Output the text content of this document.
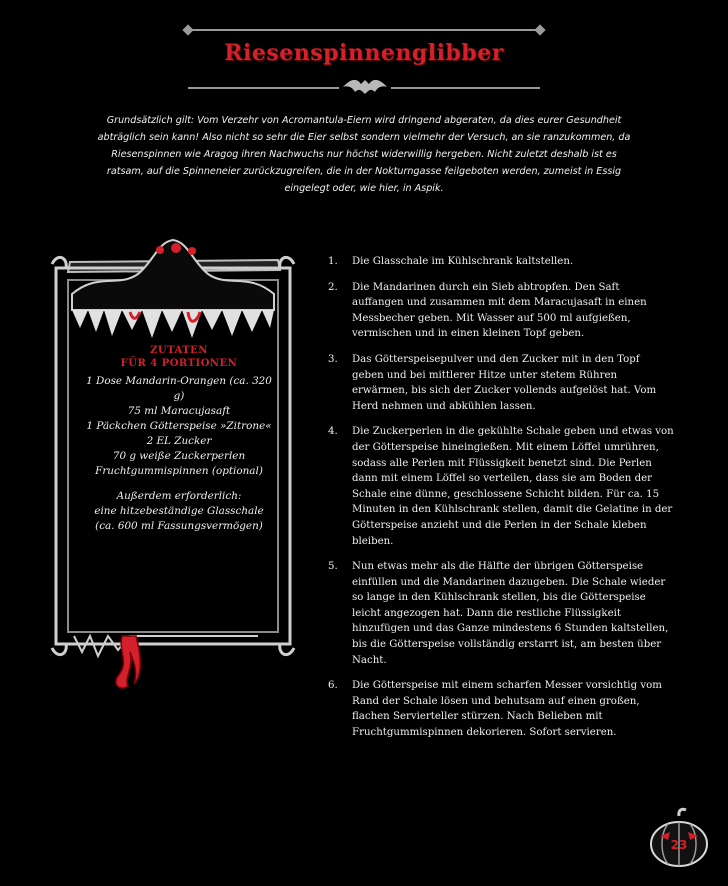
Riesenspinnenglibber
Grundsätzlich gilt: Vom Verzehr von Acromantula-Eiern wird dringend abgeraten, da dies eurer Gesundheit abträglich sein kann! Also nicht so sehr die Eier selbst sondern vielmehr der Versuch, an sie ranzukommen, da Riesenspinnen wie Aragog ihren Nachwuchs nur höchst widerwillig hergeben. Nicht zuletzt deshalb ist es ratsam, auf die Spinneneier zurückzugreifen, die in der Nokturngasse feilgeboten werden, zumeist in Essig eingelegt oder, wie hier, in Aspik.
ZUTATEN
FÜR 4 PORTIONEN
1 Dose Mandarin-Orangen (ca. 320 g)
75 ml Maracujasaft
1 Päckchen Götterspeise »Zitrone«
2 EL Zucker
70 g weiße Zuckerperlen
Fruchtgummispinnen (optional)
Außerdem erforderlich:
eine hitzebeständige Glasschale (ca. 600 ml Fassungsvermögen)
1. Die Glasschale im Kühlschrank kaltstellen.
2. Die Mandarinen durch ein Sieb abtropfen. Den Saft auffangen und zusammen mit dem Maracujasaft in einen Messbecher geben. Mit Wasser auf 500 ml aufgießen, vermischen und in einen kleinen Topf geben.
3. Das Götterspeisepulver und den Zucker mit in den Topf geben und bei mittlerer Hitze unter stetem Rühren erwärmen, bis sich der Zucker vollends aufgelöst hat. Vom Herd nehmen und abkühlen lassen.
4. Die Zuckerperlen in die gekühlte Schale geben und etwas von der Götterspeise hineingießen. Mit einem Löffel umrühren, sodass alle Perlen mit Flüssigkeit benetzt sind. Die Perlen dann mit einem Löffel so verteilen, dass sie am Boden der Schale eine dünne, geschlossene Schicht bilden. Für ca. 15 Minuten in den Kühlschrank stellen, damit die Gelatine in der Götterspeise anzieht und die Perlen in der Schale kleben bleiben.
5. Nun etwas mehr als die Hälfte der übrigen Götterspeise einfüllen und die Mandarinen dazugeben. Die Schale wieder so lange in den Kühlschrank stellen, bis die Götterspeise leicht angezogen hat. Dann die restliche Flüssigkeit hinzufügen und das Ganze mindestens 6 Stunden kaltstellen, bis die Götterspeise vollständig erstarrt ist, am besten über Nacht.
6. Die Götterspeise mit einem scharfen Messer vorsichtig vom Rand der Schale lösen und behutsam auf einen großen, flachen Servierteller stürzen. Nach Belieben mit Fruchtgummispinnen dekorieren. Sofort servieren.
23
